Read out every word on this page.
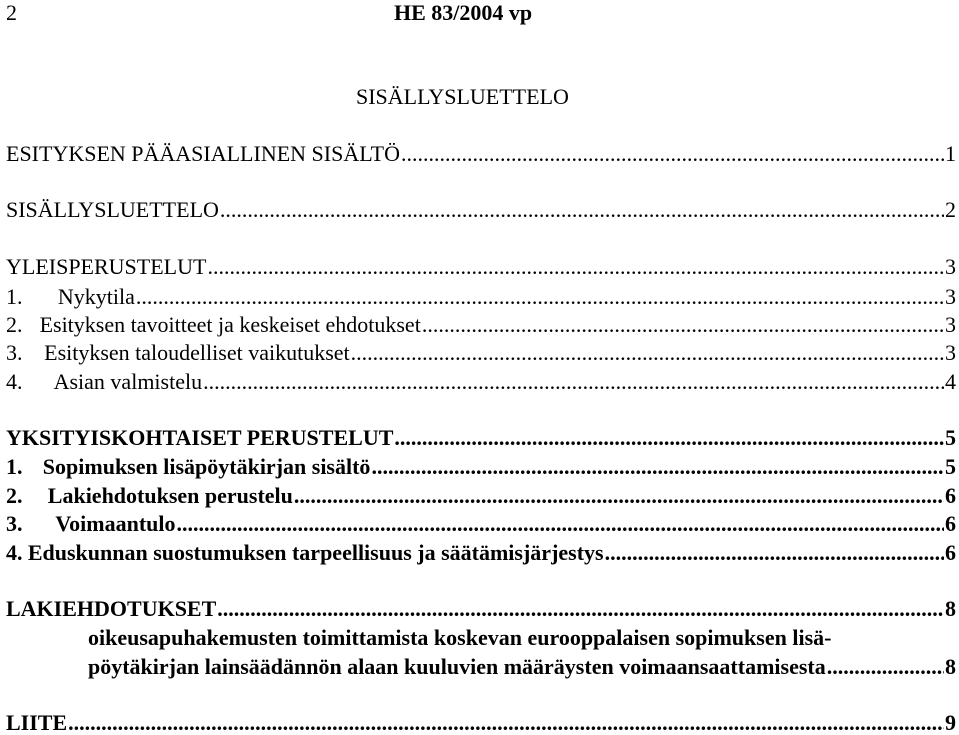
2	HE 83/2004 vp
SISÄLLYSLUETTELO
ESITYKSEN PÄÄASIALLINEN SISÄLTÖ .....	1
SISÄLLYSLUETTELO .....	2
YLEISPERUSTELUT .....	3
1.	Nykytila .....	3
2. Esityksen tavoitteet ja keskeiset ehdotukset .....	3
3. Esityksen taloudelliset vaikutukset .....	3
4.	Asian valmistelu .....	4
YKSITYISKOHTAISET PERUSTELUT .....	5
1. Sopimuksen lisäpöytäkirjan sisältö .....	5
2.	Lakiehdotuksen perustelu .....	6
3.	Voimaantulo .....	6
4. Eduskunnan suostumuksen tarpeellisuus ja säätämisjärjestys .....	6
LAKIEHDOTUKSET .....	8
oikeusapuhakemusten toimittamista koskevan eurooppalaisen sopimuksen lisä-
pöytäkirjan lainsäädännön alaan kuuluvien määräysten voimaansaattamisesta .....	8
LIITE .....	9
